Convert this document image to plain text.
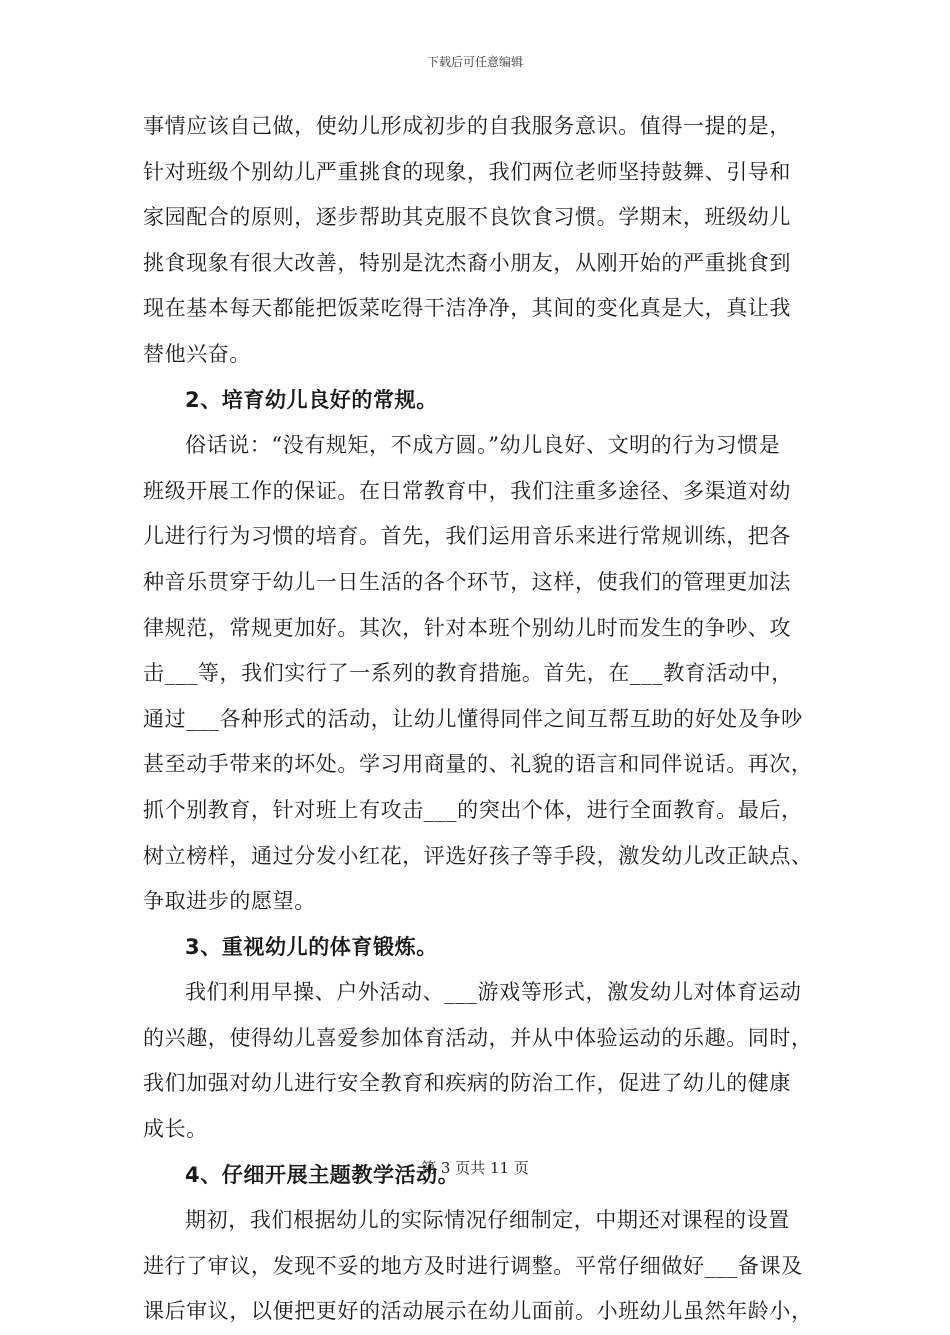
下载后可任意编辑
事情应该自己做，使幼儿形成初步的自我服务意识。值得一提的是，
针对班级个别幼儿严重挑食的现象，我们两位老师坚持鼓舞、引导和
家园配合的原则，逐步帮助其克服不良饮食习惯。学期末，班级幼儿
挑食现象有很大改善，特别是沈杰裔小朋友，从刚开始的严重挑食到
现在基本每天都能把饭菜吃得干洁净净，其间的变化真是大，真让我
替他兴奋。
2、培育幼儿良好的常规。
俗话说：“没有规矩，不成方圆。”幼儿良好、文明的行为习惯是
班级开展工作的保证。在日常教育中，我们注重多途径、多渠道对幼
儿进行行为习惯的培育。首先，我们运用音乐来进行常规训练，把各
种音乐贯穿于幼儿一日生活的各个环节，这样，使我们的管理更加法
律规范，常规更加好。其次，针对本班个别幼儿时而发生的争吵、攻
击___等，我们实行了一系列的教育措施。首先，在___教育活动中，
通过___各种形式的活动，让幼儿懂得同伴之间互帮互助的好处及争吵
甚至动手带来的坏处。学习用商量的、礼貌的语言和同伴说话。再次，
抓个别教育，针对班上有攻击___的突出个体，进行全面教育。最后，
树立榜样，通过分发小红花，评选好孩子等手段，激发幼儿改正缺点、
争取进步的愿望。
3、重视幼儿的体育锻炼。
我们利用早操、户外活动、___游戏等形式，激发幼儿对体育运动
的兴趣，使得幼儿喜爱参加体育活动，并从中体验运动的乐趣。同时，
我们加强对幼儿进行安全教育和疾病的防治工作，促进了幼儿的健康
成长。
4、仔细开展主题教学活动。
期初，我们根据幼儿的实际情况仔细制定，中期还对课程的设置
进行了审议，发现不妥的地方及时进行调整。平常仔细做好___备课及
课后审议，以便把更好的活动展示在幼儿面前。小班幼儿虽然年龄小，
第 3 页共 11 页
